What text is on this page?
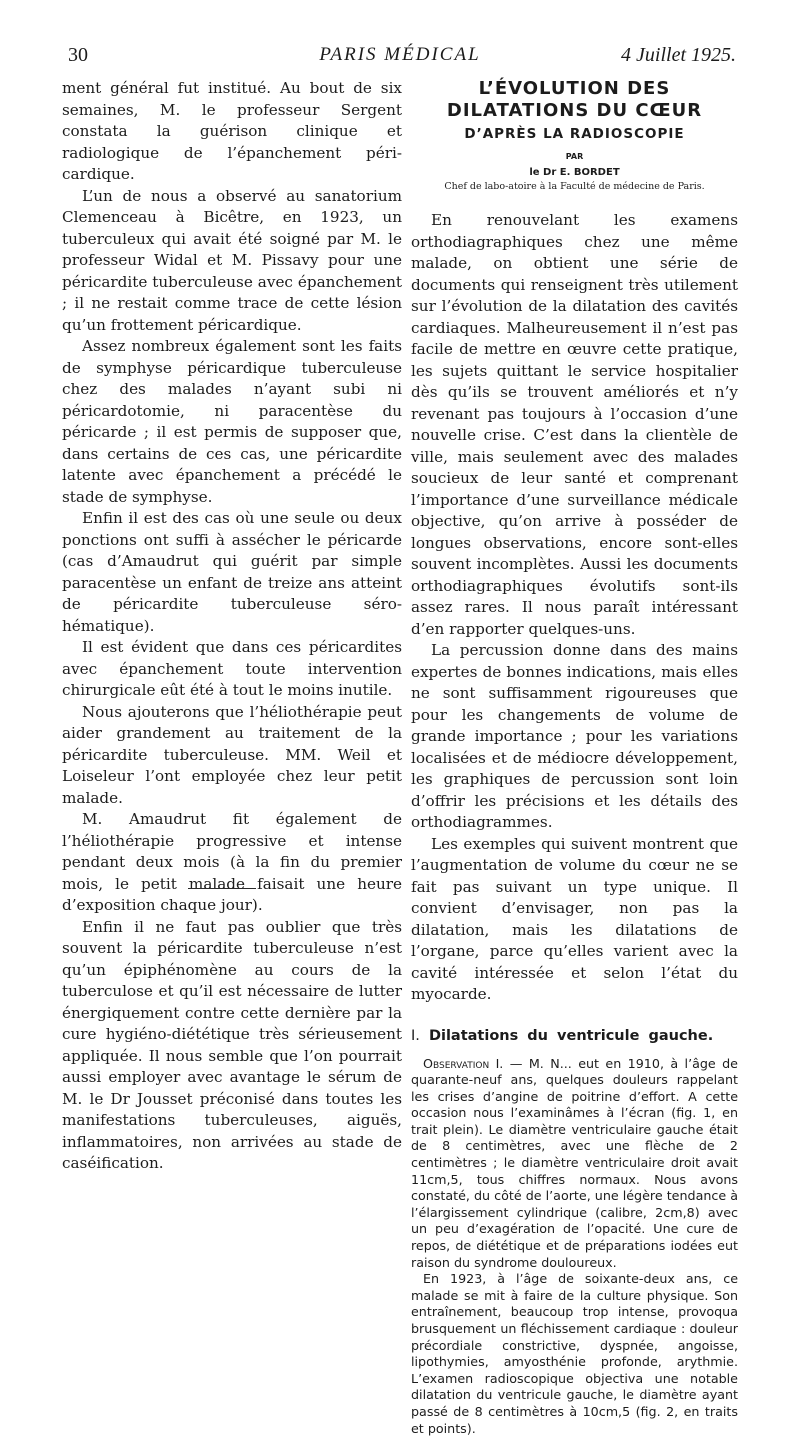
30	PARIS MÉDICAL	4 Juillet 1925.

ment général fut institué. Au bout de six semaines, M. le professeur Sergent constata la guérison clinique et radiologique de l’épanchement péri-cardique.

L’un de nous a observé au sanatorium Clemenceau à Bicêtre, en 1923, un tuberculeux qui avait été soigné par M. le professeur Widal et M. Pissavy pour une péricardite tuberculeuse avec épanchement ; il ne restait comme trace de cette lésion qu’un frottement péricardique.

Assez nombreux également sont les faits de symphyse péricardique tuberculeuse chez des malades n’ayant subi ni péricardotomie, ni paracentèse du péricarde ; il est permis de supposer que, dans certains de ces cas, une péricardite latente avec épanchement a précédé le stade de symphyse.

Enfin il est des cas où une seule ou deux ponctions ont suffi à assécher le péricarde (cas d’Amaudrut qui guérit par simple paracentèse un enfant de treize ans atteint de péricardite tuberculeuse séro-hématique).

Il est évident que dans ces péricardites avec épanchement toute intervention chirurgicale eût été à tout le moins inutile.

Nous ajouterons que l’héliothérapie peut aider grandement au traitement de la péricardite tuberculeuse. MM. Weil et Loiseleur l’ont employée chez leur petit malade.

M. Amaudrut fit également de l’héliothérapie progressive et intense pendant deux mois (à la fin du premier mois, le petit malade faisait une heure d’exposition chaque jour).

Enfin il ne faut pas oublier que très souvent la péricardite tuberculeuse n’est qu’un épiphénomène au cours de la tuberculose et qu’il est nécessaire de lutter énergiquement contre cette dernière par la cure hygiéno-diététique très sérieusement appliquée. Il nous semble que l’on pourrait aussi employer avec avantage le sérum de M. le Dr Jousset préconisé dans toutes les manifestations tuberculeuses, aiguës, inflammatoires, non arrivées au stade de caséification.

L’ÉVOLUTION DES
DILATATIONS DU CŒUR
D’APRÈS LA RADIOSCOPIE
PAR
le Dr E. BORDET
Chef de labo-atoire à la Faculté de médecine de Paris.

En renouvelant les examens orthodiagraphiques chez une même malade, on obtient une série de documents qui renseignent très utilement sur l’évolution de la dilatation des cavités cardiaques. Malheureusement il n’est pas facile de mettre en œuvre cette pratique, les sujets quittant le service hospitalier dès qu’ils se trouvent améliorés et n’y revenant pas toujours à l’occasion d’une nouvelle crise. C’est dans la clientèle de ville, mais seulement avec des malades soucieux de leur santé et comprenant l’importance d’une surveillance médicale objective, qu’on arrive à posséder de longues observations, encore sont-elles souvent incomplètes. Aussi les documents orthodiagraphiques évolutifs sont-ils assez rares. Il nous paraît intéressant d’en rapporter quelques-uns.

La percussion donne dans des mains expertes de bonnes indications, mais elles ne sont suffisamment rigoureuses que pour les changements de volume de grande importance ; pour les variations localisées et de médiocre développement, les graphiques de percussion sont loin d’offrir les précisions et les détails des orthodiagrammes.

Les exemples qui suivent montrent que l’augmentation de volume du cœur ne se fait pas suivant un type unique. Il convient d’envisager, non pas la dilatation, mais les dilatations de l’organe, parce qu’elles varient avec la cavité intéressée et selon l’état du myocarde.

I. Dilatations du ventricule gauche.

Observation I. — M. N... eut en 1910, à l’âge de quarante-neuf ans, quelques douleurs rappelant les crises d’angine de poitrine d’effort. A cette occasion nous l’examinâmes à l’écran (fig. 1, en trait plein). Le diamètre ventriculaire gauche était de 8 centimètres, avec une flèche de 2 centimètres ; le diamètre ventriculaire droit avait 11cm,5, tous chiffres normaux. Nous avons constaté, du côté de l’aorte, une légère tendance à l’élargissement cylindrique (calibre, 2cm,8) avec un peu d’exagération de l’opacité. Une cure de repos, de diététique et de préparations iodées eut raison du syndrome douloureux.

En 1923, à l’âge de soixante-deux ans, ce malade se mit à faire de la culture physique. Son entraînement, beaucoup trop intense, provoqua brusquement un fléchissement cardiaque : douleur précordiale constrictive, dyspnée, angoisse, lipothymies, amyosthénie profonde, arythmie. L’examen radioscopique objectiva une notable dilatation du ventricule gauche, le diamètre ayant passé de 8 centimètres à 10cm,5 (fig. 2, en traits et points).
